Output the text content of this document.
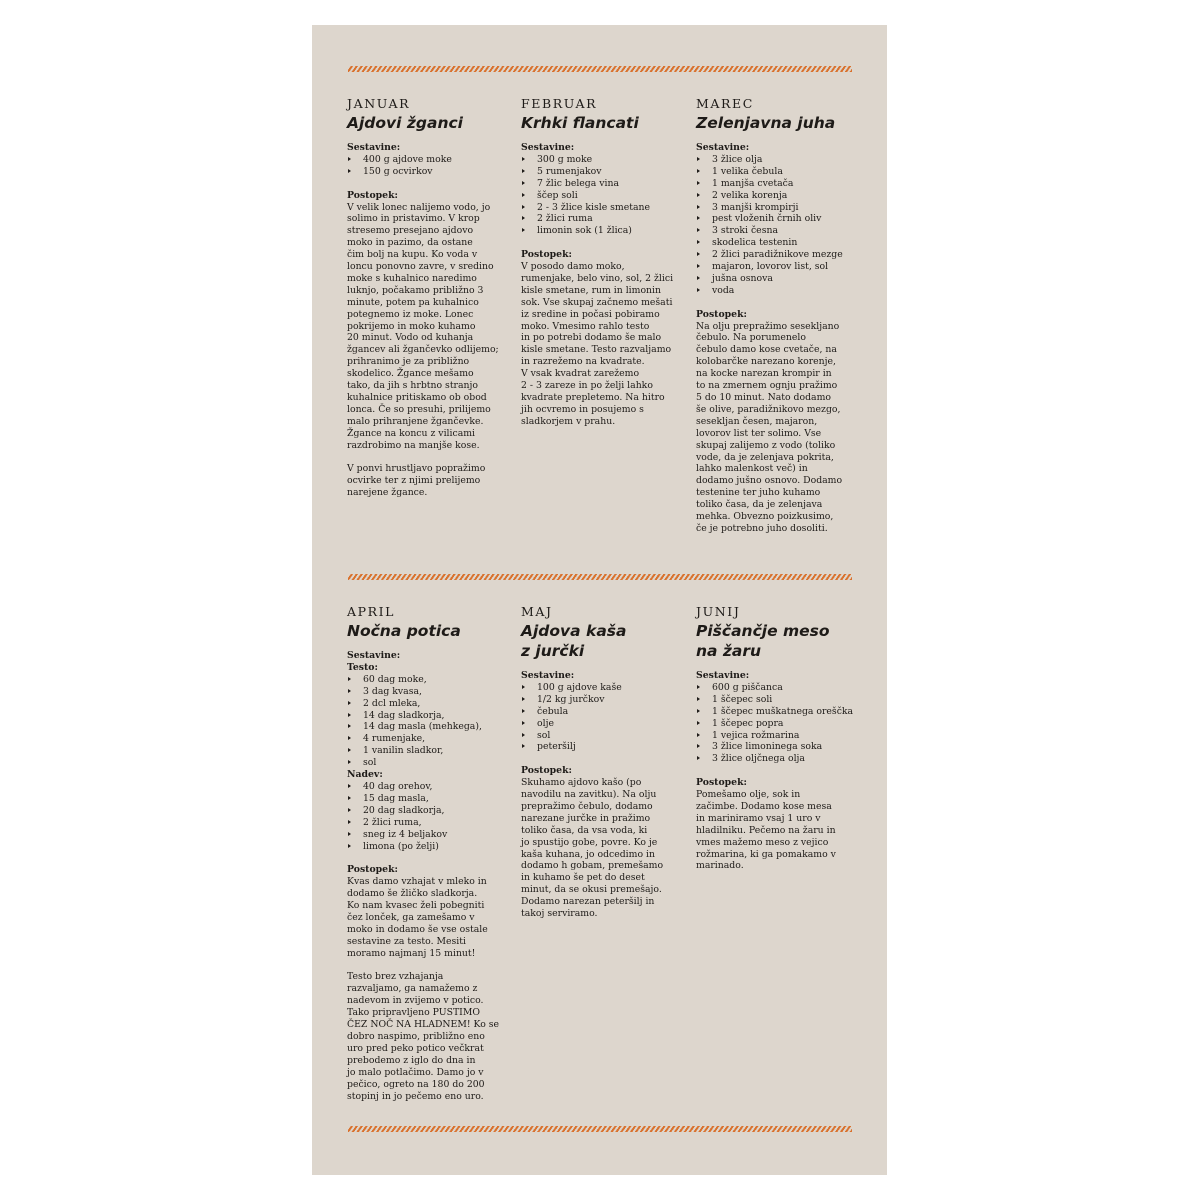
JANUAR
Ajdovi žganci
Sestavine:
400 g ajdove moke
150 g ocvirkov
Postopek:
V velik lonec nalijemo vodo, jo
solimo in pristavimo. V krop
stresemo presejano ajdovo
moko in pazimo, da ostane
čim bolj na kupu. Ko voda v
loncu ponovno zavre, v sredino
moke s kuhalnico naredimo
luknjo, počakamo približno 3
minute, potem pa kuhalnico
potegnemo iz moke. Lonec
pokrijemo in moko kuhamo
20 minut. Vodo od kuhanja
žgancev ali žgančevko odlijemo;
prihranimo je za približno
skodelico. Žgance mešamo
tako, da jih s hrbtno stranjo
kuhalnice pritiskamo ob obod
lonca. Če so presuhi, prilijemo
malo prihranjene žgančevke.
Žgance na koncu z vilicami
razdrobimo na manjše kose.
V ponvi hrustljavo popražimo
ocvirke ter z njimi prelijemo
narejene žgance.
FEBRUAR
Krhki flancati
Sestavine:
300 g moke
5 rumenjakov
7 žlic belega vina
ščep soli
2 - 3 žlice kisle smetane
2 žlici ruma
limonin sok (1 žlica)
Postopek:
V posodo damo moko,
rumenjake, belo vino, sol, 2 žlici
kisle smetane, rum in limonin
sok. Vse skupaj začnemo mešati
iz sredine in počasi pobiramo
moko. Vmesimo rahlo testo
in po potrebi dodamo še malo
kisle smetane. Testo razvaljamo
in razrežemo na kvadrate.
V vsak kvadrat zarežemo
2 - 3 zareze in po želji lahko
kvadrate prepletemo. Na hitro
jih ocvremo in posujemo s
sladkorjem v prahu.
MAREC
Zelenjavna juha
Sestavine:
3 žlice olja
1 velika čebula
1 manjša cvetača
2 velika korenja
3 manjši krompirji
pest vloženih črnih oliv
3 stroki česna
skodelica testenin
2 žlici paradižnikove mezge
majaron, lovorov list, sol
jušna osnova
voda
Postopek:
Na olju prepražimo sesekljano
čebulo. Na porumenelo
čebulo damo kose cvetače, na
kolobarčke narezano korenje,
na kocke narezan krompir in
to na zmernem ognju pražimo
5 do 10 minut. Nato dodamo
še olive, paradižnikovo mezgo,
sesekljan česen, majaron,
lovorov list ter solimo. Vse
skupaj zalijemo z vodo (toliko
vode, da je zelenjava pokrita,
lahko malenkost več) in
dodamo jušno osnovo. Dodamo
testenine ter juho kuhamo
toliko časa, da je zelenjava
mehka. Obvezno poizkusimo,
če je potrebno juho dosoliti.
APRIL
Nočna potica
Sestavine:
Testo:
60 dag moke,
3 dag kvasa,
2 dcl mleka,
14 dag sladkorja,
14 dag masla (mehkega),
4 rumenjake,
1 vanilin sladkor,
sol
Nadev:
40 dag orehov,
15 dag masla,
20 dag sladkorja,
2 žlici ruma,
sneg iz 4 beljakov
limona (po želji)
Postopek:
Kvas damo vzhajat v mleko in
dodamo še žličko sladkorja.
Ko nam kvasec želi pobegniti
čez lonček, ga zamešamo v
moko in dodamo še vse ostale
sestavine za testo. Mesiti
moramo najmanj 15 minut!
Testo brez vzhajanja
razvaljamo, ga namažemo z
nadevom in zvijemo v potico.
Tako pripravljeno PUSTIMO
ČEZ NOČ NA HLADNEM! Ko se
dobro naspimo, približno eno
uro pred peko potico večkrat
prebodemo z iglo do dna in
jo malo potlačimo. Damo jo v
pečico, ogreto na 180 do 200
stopinj in jo pečemo eno uro.
MAJ
Ajdova kaša
z jurčki
Sestavine:
100 g ajdove kaše
1/2 kg jurčkov
čebula
olje
sol
peteršilj
Postopek:
Skuhamo ajdovo kašo (po
navodilu na zavitku). Na olju
prepražimo čebulo, dodamo
narezane jurčke in pražimo
toliko časa, da vsa voda, ki
jo spustijo gobe, povre. Ko je
kaša kuhana, jo odcedimo in
dodamo h gobam, premešamo
in kuhamo še pet do deset
minut, da se okusi premešajo.
Dodamo narezan peteršilj in
takoj serviramo.
JUNIJ
Piščančje meso
na žaru
Sestavine:
600 g piščanca
1 ščepec soli
1 ščepec muškatnega oreščka
1 ščepec popra
1 vejica rožmarina
3 žlice limoninega soka
3 žlice oljčnega olja
Postopek:
Pomešamo olje, sok in
začimbe. Dodamo kose mesa
in mariniramo vsaj 1 uro v
hladilniku. Pečemo na žaru in
vmes mažemo meso z vejico
rožmarina, ki ga pomakamo v
marinado.
